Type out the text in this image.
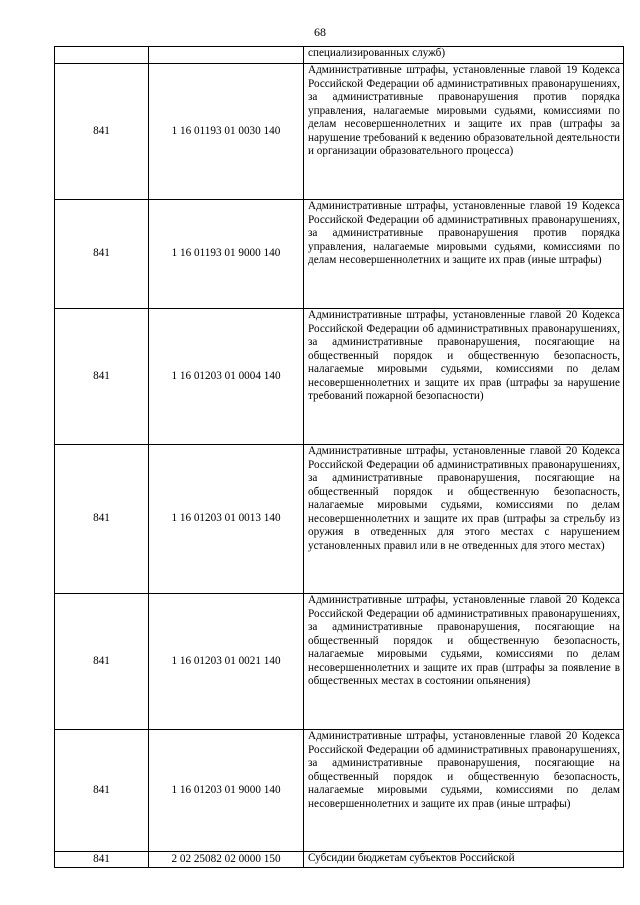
68
		специализированных служб)
841	1 16 01193 01 0030 140	Административные штрафы, установленные главой 19 Кодекса Российской Федерации об административных правонарушениях, за административные правонарушения против порядка управления, налагаемые мировыми судьями, комиссиями по делам несовершеннолетних и защите их прав (штрафы за нарушение требований к ведению образовательной деятельности и организации образовательного процесса)
841	1 16 01193 01 9000 140	Административные штрафы, установленные главой 19 Кодекса Российской Федерации об административных правонарушениях, за административные правонарушения против порядка управления, налагаемые мировыми судьями, комиссиями по делам несовершеннолетних и защите их прав (иные штрафы)
841	1 16 01203 01 0004 140	Административные штрафы, установленные главой 20 Кодекса Российской Федерации об административных правонарушениях, за административные правонарушения, посягающие на общественный порядок и общественную безопасность, налагаемые мировыми судьями, комиссиями по делам несовершеннолетних и защите их прав (штрафы за нарушение требований пожарной безопасности)
841	1 16 01203 01 0013 140	Административные штрафы, установленные главой 20 Кодекса Российской Федерации об административных правонарушениях, за административные правонарушения, посягающие на общественный порядок и общественную безопасность, налагаемые мировыми судьями, комиссиями по делам несовершеннолетних и защите их прав (штрафы за стрельбу из оружия в отведенных для этого местах с нарушением установленных правил или в не отведенных для этого местах)
841	1 16 01203 01 0021 140	Административные штрафы, установленные главой 20 Кодекса Российской Федерации об административных правонарушениях, за административные правонарушения, посягающие на общественный порядок и общественную безопасность, налагаемые мировыми судьями, комиссиями по делам несовершеннолетних и защите их прав (штрафы за появление в общественных местах в состоянии опьянения)
841	1 16 01203 01 9000 140	Административные штрафы, установленные главой 20 Кодекса Российской Федерации об административных правонарушениях, за административные правонарушения, посягающие на общественный порядок и общественную безопасность, налагаемые мировыми судьями, комиссиями по делам несовершеннолетних и защите их прав (иные штрафы)
841	2 02 25082 02 0000 150	Субсидии бюджетам субъектов Российской
